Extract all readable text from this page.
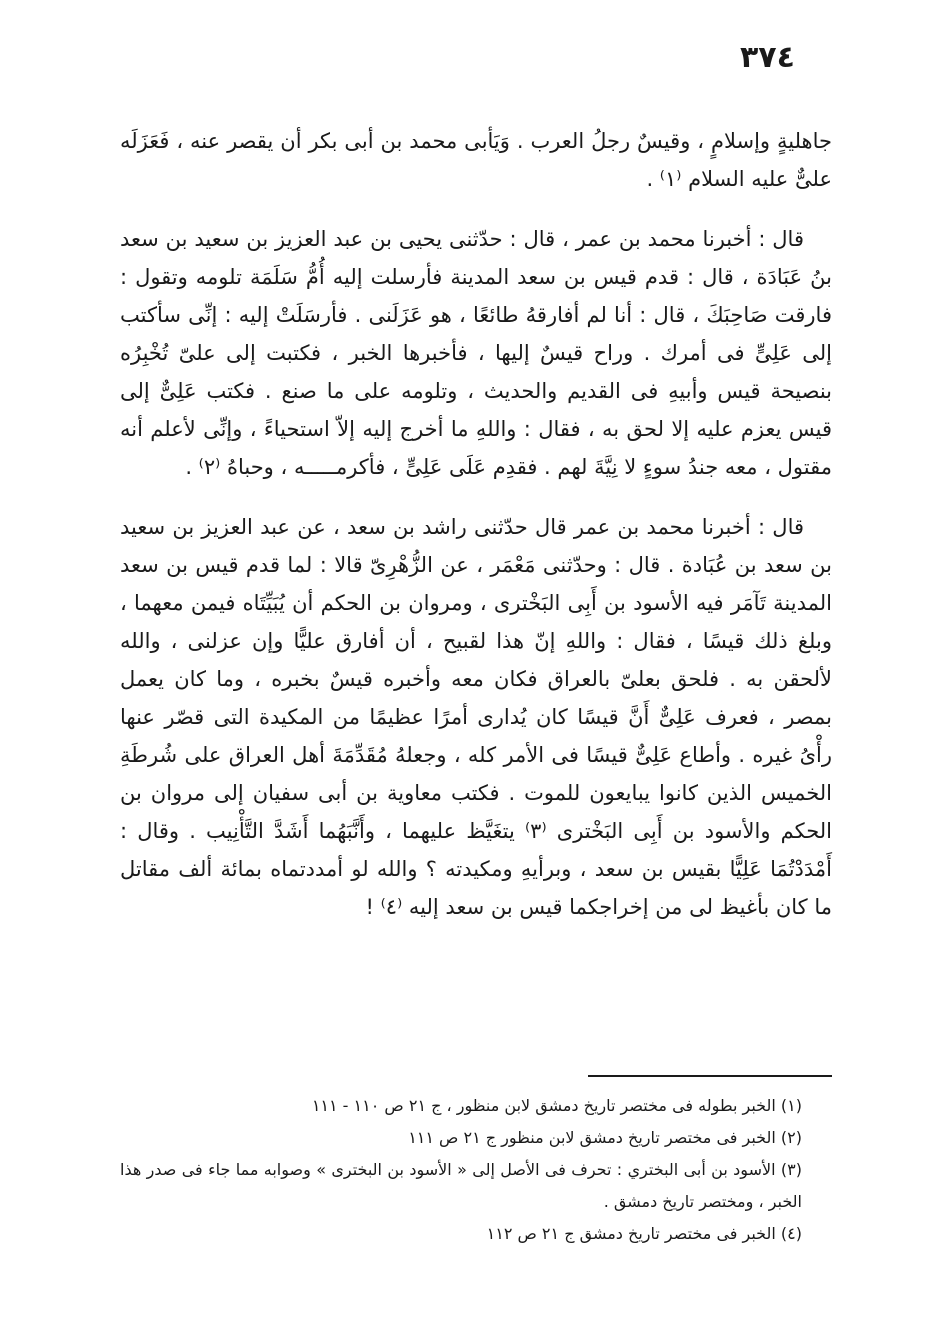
٣٧٤

جاهليةٍ وإسلامٍ ، وقيسٌ رجلُ العرب . وَيَأبى محمد بن أبى بكر أن يقصر عنه ، فَعَزَلَه علىٌّ عليه السلام ⁽١⁾ .

قال : أخبرنا محمد بن عمر ، قال : حدّثنى يحيى بن عبد العزيز بن سعيد بن سعد بنُ عَبَادَة ، قال : قدم قيس بن سعد المدينة فأرسلت إليه أُمُّ سَلَمَة تلومه وتقول : فارقت صَاحِبَكَ ، قال : أنا لم أفارقهُ طائعًا ، هو عَزَلَنى . فأرسَلَتْ إليه : إنِّى سأكتب إلى عَلِىٍّ فى أمرك . وراح قيسٌ إليها ، فأخبرها الخبر ، فكتبت إلى علىّ تُخْبِرُه بنصيحة قيس وأبيهِ فى القديم والحديث ، وتلومه على ما صنع . فكتب عَلِىٌّ إلى قيس يعزم عليه إلا لحق به ، فقال : واللهِ ما أخرج إليه إلاّ استحياءً ، وإنِّى لأعلم أنه مقتول ، معه جندُ سوءٍ لا نِيَّةَ لهم . فقدِم عَلَى عَلِىٍّ ، فأكرمـــــه ، وحباهُ ⁽٢⁾ .

قال : أخبرنا محمد بن عمر قال حدّثنى راشد بن سعد ، عن عبد العزيز بن سعيد بن سعد بن عُبَادة . قال : وحدّثنى مَعْمَر ، عن الزُّهْرِىّ قالا : لما قدم قيس بن سعد المدينة تَآمَر فيه الأسود بن أَبِى البَخْترى ، ومروان بن الحكم أن يُبَيِّتَاه فيمن معهما ، وبلغ ذلك قيسًا ، فقال : واللهِ إنّ هذا لقبيح ، أن أفارق عليًّا وإن عزلنى ، والله لألحقن به . فلحق بعلىّ بالعراق فكان معه وأخبره قيسٌ بخبره ، وما كان يعمل بمصر ، فعرف عَلِىٌّ أَنَّ قيسًا كان يُدارى أمرًا عظيمًا من المكيدة التى قصّر عنها رأْىُ غيره . وأطاع عَلِىٌّ قيسًا فى الأمر كله ، وجعلهُ مُقَدِّمَةَ أهل العراق على شُرطَةِ الخميس الذين كانوا يبايعون للموت . فكتب معاوية بن أبى سفيان إلى مروان بن الحكم والأسود بن أَبِى البَخْترى ⁽٣⁾ يتغَيَّظ عليهما ، وأَنَّبَهُما أَشَدَّ التَّأْنِيب . وقال : أَمْدَدْتُمَا عَلِيًّا بقيس بن سعد ، وبرأيهِ ومكيدته ؟ والله لو أمددتماه بمائة ألف مقاتل ما كان بأغيظ لى من إخراجكما قيس بن سعد إليه ⁽٤⁾ !

(١) الخبر بطوله فى مختصر تاريخ دمشق لابن منظور ، ج ٢١ ص ١١٠ - ١١١

(٢) الخبر فى مختصر تاريخ دمشق لابن منظور ج ٢١ ص ١١١

(٣) الأسود بن أبى البختري : تحرف فى الأصل إلى « الأسود بن البخترى » وصوابه مما جاء فى صدر هذا الخبر ، ومختصر تاريخ دمشق .

(٤) الخبر فى مختصر تاريخ دمشق ج ٢١ ص ١١٢
